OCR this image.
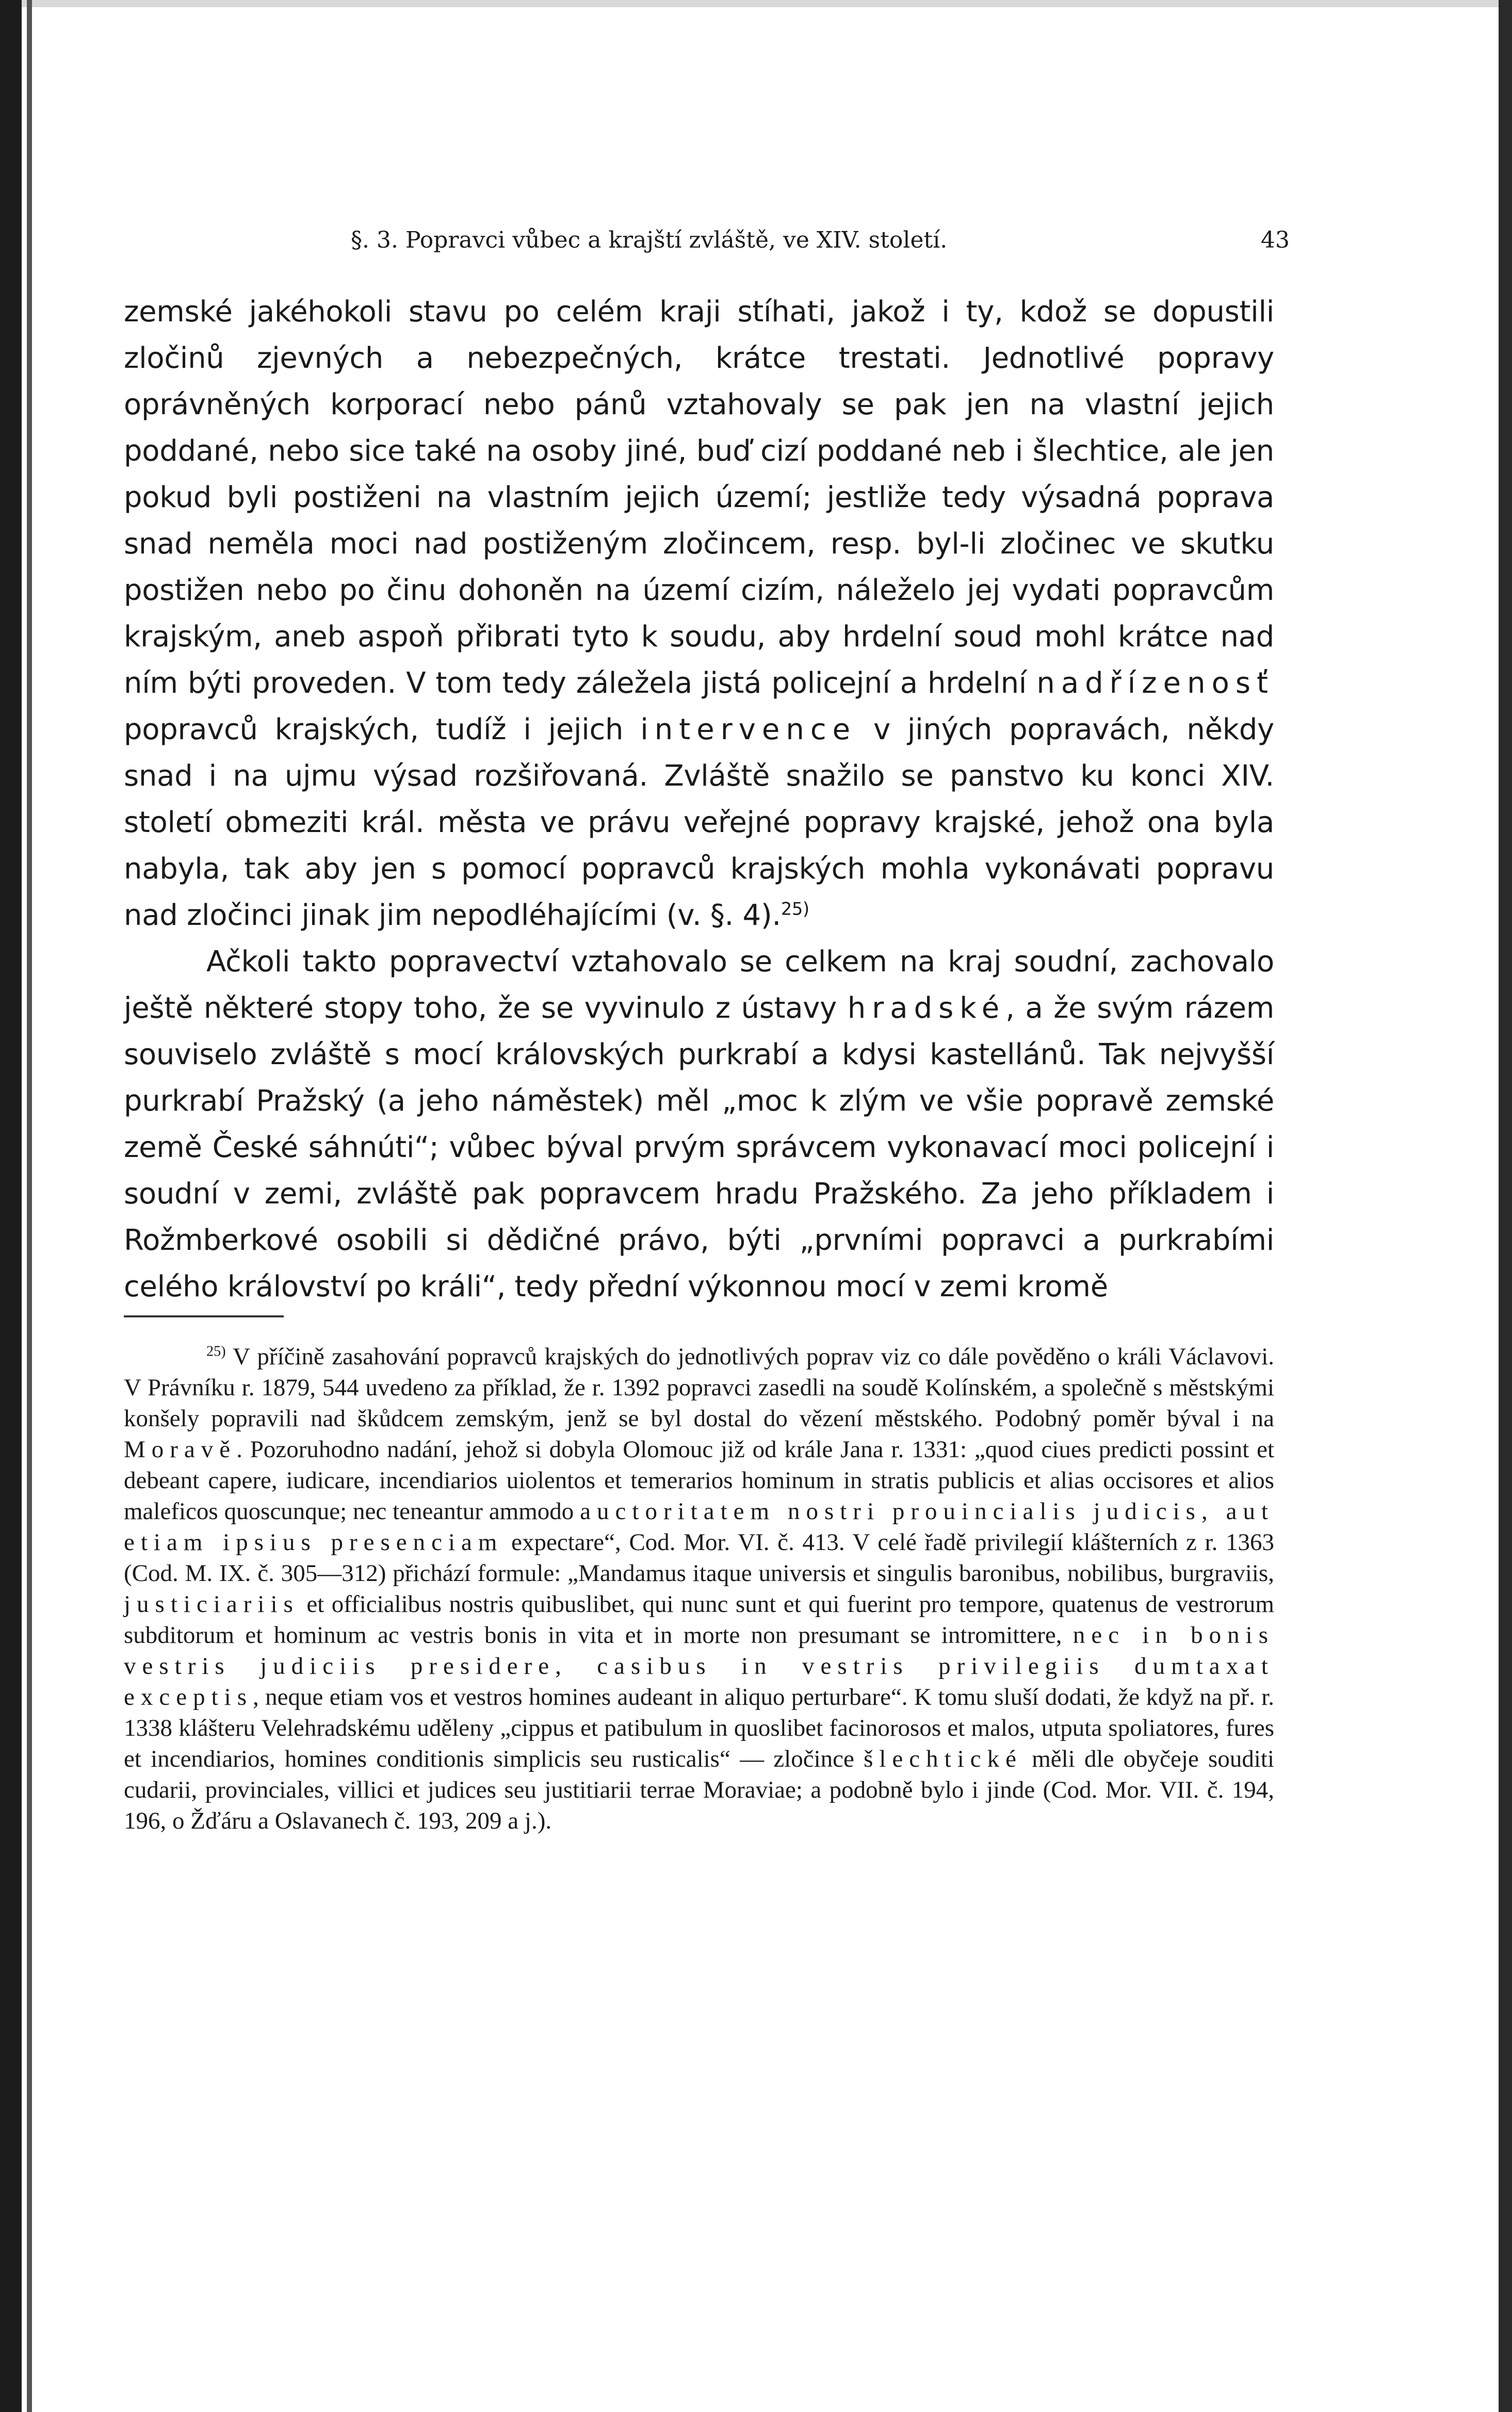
§. 3. Popravci vůbec a krajští zvláště, ve XIV. století.	43

zemské jakéhokoli stavu po celém kraji stíhati, jakož i ty, kdož se dopustili zločinů zjevných a nebezpečných, krátce trestati. Jednotlivé popravy oprávněných korporací nebo pánů vztahovaly se pak jen na vlastní jejich poddané, nebo sice také na osoby jiné, buď cizí poddané neb i šlechtice, ale jen pokud byli postiženi na vlastním jejich území; jestliže tedy výsadná poprava snad neměla moci nad postiženým zločincem, resp. byl-li zločinec ve skutku postižen nebo po činu dohoněn na území cizím, náleželo jej vydati popravcům krajským, aneb aspoň přibrati tyto k soudu, aby hrdelní soud mohl krátce nad ním býti proveden. V tom tedy záležela jistá policejní a hrdelní nadřízenosť popravců krajských, tudíž i jejich intervence v jiných popravách, někdy snad i na ujmu výsad rozšiřovaná. Zvláště snažilo se panstvo ku konci XIV. století obmeziti král. města ve právu veřejné popravy krajské, jehož ona byla nabyla, tak aby jen s pomocí popravců krajských mohla vykonávati popravu nad zločinci jinak jim nepodléhajícími (v. §. 4).$^{25)}$

Ačkoli takto popravectví vztahovalo se celkem na kraj soudní, zachovalo ještě některé stopy toho, že se vyvinulo z ústavy hradské, a že svým rázem souviselo zvláště s mocí královských purkrabí a kdysi kastellánů. Tak nejvyšší purkrabí Pražský (a jeho náměstek) měl „moc k zlým ve všie popravě zemské země České sáhnúti“; vůbec býval prvým správcem vykonavací moci policejní i soudní v zemi, zvláště pak popravcem hradu Pražského. Za jeho příkladem i Rožmberkové osobili si dědičné právo, býti „prvními popravci a purkrabími celého království po králi“, tedy přední výkonnou mocí v zemi kromě

$^{25)}$ V příčině zasahování popravců krajských do jednotlivých poprav viz co dále pověděno o králi Václavovi. V Právníku r. 1879, 544 uvedeno za příklad, že r. 1392 popravci zasedli na soudě Kolínském, a společně s městskými konšely popravili nad škůdcem zemským, jenž se byl dostal do vězení městského. Podobný poměr býval i na Moravě. Pozoruhodno nadání, jehož si dobyla Olomouc již od krále Jana r. 1331: „quod ciues predicti possint et debeant capere, iudicare, incendiarios uiolentos et temerarios hominum in stratis publicis et alias occisores et alios maleficos quoscunque; nec teneantur ammodo auctoritatem nostri prouincialis judicis, aut etiam ipsius presenciam expectare“, Cod. Mor. VI. č. 413. V celé řadě privilegií klášterních z r. 1363 (Cod. M. IX. č. 305—312) přichází formule: „Mandamus itaque universis et singulis baronibus, nobilibus, burgraviis, justiciariis et officialibus nostris quibuslibet, qui nunc sunt et qui fuerint pro tempore, quatenus de vestrorum subditorum et hominum ac vestris bonis in vita et in morte non presumant se intromittere, nec in bonis vestris judiciis presidere, casibus in vestris privilegiis dumtaxat exceptis, neque etiam vos et vestros homines audeant in aliquo perturbare“. K tomu sluší dodati, že když na př. r. 1338 klášteru Velehradskému uděleny „cippus et patibulum in quoslibet facinorosos et malos, utputa spoliatores, fures et incendiarios, homines conditionis simplicis seu rusticalis“ — zločince šlechtické měli dle obyčeje souditi cudarii, provinciales, villici et judices seu justitiarii terrae Moraviae; a podobně bylo i jinde (Cod. Mor. VII. č. 194, 196, o Žďáru a Oslavanech č. 193, 209 a j.).
